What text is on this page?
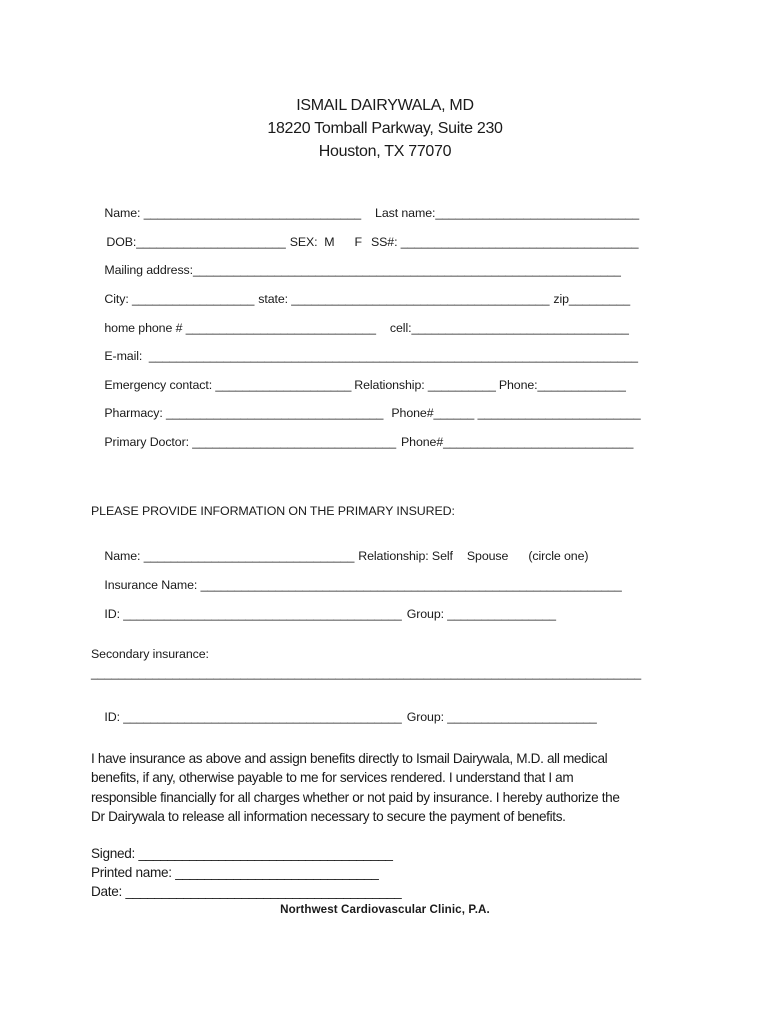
ISMAIL DAIRYWALA, MD
18220 Tomball Parkway, Suite 230
Houston, TX 77070

Name: ________________________________ Last name:______________________________

DOB:______________________ SEX:  M      F SS#: ___________________________________

Mailing address:_______________________________________________________________

City: __________________ state: ______________________________________ zip_________

home phone # ____________________________ cell:________________________________

E-mail:  ________________________________________________________________________

Emergency contact: ____________________ Relationship: __________ Phone:_____________

Pharmacy: ________________________________ Phone#______ ________________________

Primary Doctor: ______________________________ Phone#____________________________

PLEASE PROVIDE INFORMATION ON THE PRIMARY INSURED:

Name: _______________________________ Relationship: Self Spouse (circle one)

Insurance Name: ______________________________________________________________

ID: _________________________________________ Group: ________________

Secondary insurance:
_________________________________________________________________________________

ID: _________________________________________ Group: ______________________

I have insurance as above and assign benefits directly to Ismail Dairywala, M.D. all medical
benefits, if any, otherwise payable to me for services rendered. I understand that I am
responsible financially for all charges whether or not paid by insurance. I hereby authorize the
Dr Dairywala to release all information necessary to secure the payment of benefits.
Signed: ___________________________________
Printed name: ____________________________
Date: ______________________________________
Northwest Cardiovascular Clinic, P.A.
